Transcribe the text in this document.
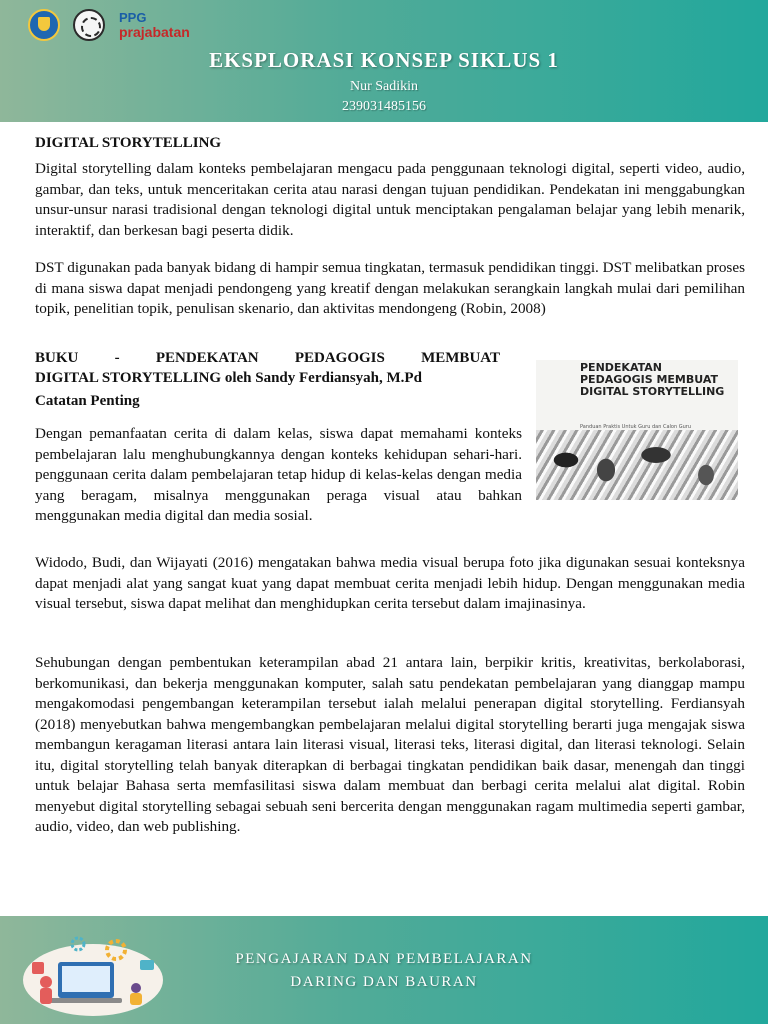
PPG
prajabatan
EKSPLORASI KONSEP SIKLUS 1
Nur Sadikin
239031485156
DIGITAL STORYTELLING
Digital storytelling dalam konteks pembelajaran mengacu pada penggunaan teknologi digital, seperti video, audio, gambar, dan teks, untuk menceritakan cerita atau narasi dengan tujuan pendidikan. Pendekatan ini menggabungkan unsur-unsur narasi tradisional dengan teknologi digital untuk menciptakan pengalaman belajar yang lebih menarik, interaktif, dan berkesan bagi peserta didik.
DST digunakan pada banyak bidang di hampir semua tingkatan, termasuk pendidikan tinggi. DST melibatkan proses di mana siswa dapat menjadi pendongeng yang kreatif dengan melakukan serangkain langkah mulai dari pemilihan topik, penelitian topik, penulisan skenario, dan aktivitas mendongeng (Robin, 2008)
BUKU - PENDEKATAN PEDAGOGIS MEMBUAT
DIGITAL STORYTELLING oleh Sandy Ferdiansyah, M.Pd
Catatan Penting
Dengan pemanfaatan cerita di dalam kelas, siswa dapat memahami konteks pembelajaran lalu menghubungkannya dengan konteks kehidupan sehari-hari. penggunaan cerita dalam pembelajaran tetap hidup di kelas-kelas dengan media yang beragam, misalnya menggunakan peraga visual atau bahkan menggunakan media digital dan media sosial.
PENDEKATAN PEDAGOGIS MEMBUAT DIGITAL STORYTELLING
Panduan Praktis Untuk Guru dan Calon Guru
Widodo, Budi, dan Wijayati (2016) mengatakan bahwa media visual berupa foto jika digunakan sesuai konteksnya dapat menjadi alat yang sangat kuat yang dapat membuat cerita menjadi lebih hidup. Dengan menggunakan media visual tersebut, siswa dapat melihat dan menghidupkan cerita tersebut dalam imajinasinya.
Sehubungan dengan pembentukan keterampilan abad 21 antara lain, berpikir kritis, kreativitas, berkolaborasi, berkomunikasi, dan bekerja menggunakan komputer, salah satu pendekatan pembelajaran yang dianggap mampu mengakomodasi pengembangan keterampilan tersebut ialah melalui penerapan digital storytelling. Ferdiansyah (2018) menyebutkan bahwa mengembangkan pembelajaran melalui digital storytelling berarti juga mengajak siswa membangun keragaman literasi antara lain literasi visual, literasi teks, literasi digital, dan literasi teknologi. Selain itu, digital storytelling telah banyak diterapkan di berbagai tingkatan pendidikan baik dasar, menengah dan tinggi untuk belajar Bahasa serta memfasilitasi siswa dalam membuat dan berbagi cerita melalui alat digital. Robin menyebut digital storytelling sebagai sebuah seni bercerita dengan menggunakan ragam multimedia seperti gambar, audio, video, dan web publishing.
PENGAJARAN DAN PEMBELAJARAN
DARING DAN BAURAN
